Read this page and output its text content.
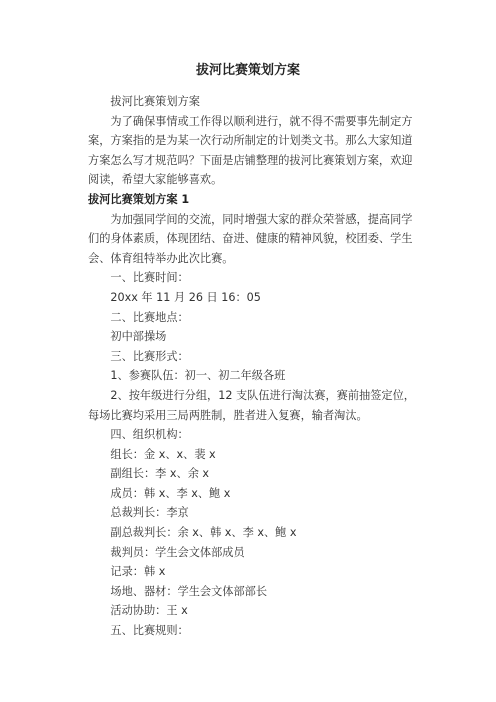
拔河比赛策划方案

拔河比赛策划方案

为了确保事情或工作得以顺利进行，就不得不需要事先制定方案，方案指的是为某一次行动所制定的计划类文书。那么大家知道方案怎么写才规范吗？下面是店铺整理的拔河比赛策划方案，欢迎阅读，希望大家能够喜欢。

拔河比赛策划方案 1

为加强同学间的交流，同时增强大家的群众荣誉感，提高同学们的身体素质，体现团结、奋进、健康的精神风貌，校团委、学生会、体育组特举办此次比赛。

一、比赛时间：

20xx 年 11 月 26 日 16：05

二、比赛地点：

初中部操场

三、比赛形式：

1、参赛队伍：初一、初二年级各班

2、按年级进行分组，12 支队伍进行淘汰赛，赛前抽签定位，每场比赛均采用三局两胜制，胜者进入复赛，输者淘汰。

四、组织机构：

组长：金 x、x、裴 x

副组长：李 x、余 x

成员：韩 x、李 x、鲍 x

总裁判长：李京

副总裁判长：余 x、韩 x、李 x、鲍 x

裁判员：学生会文体部成员

记录：韩 x

场地、器材：学生会文体部部长

活动协助：王 x

五、比赛规则：
